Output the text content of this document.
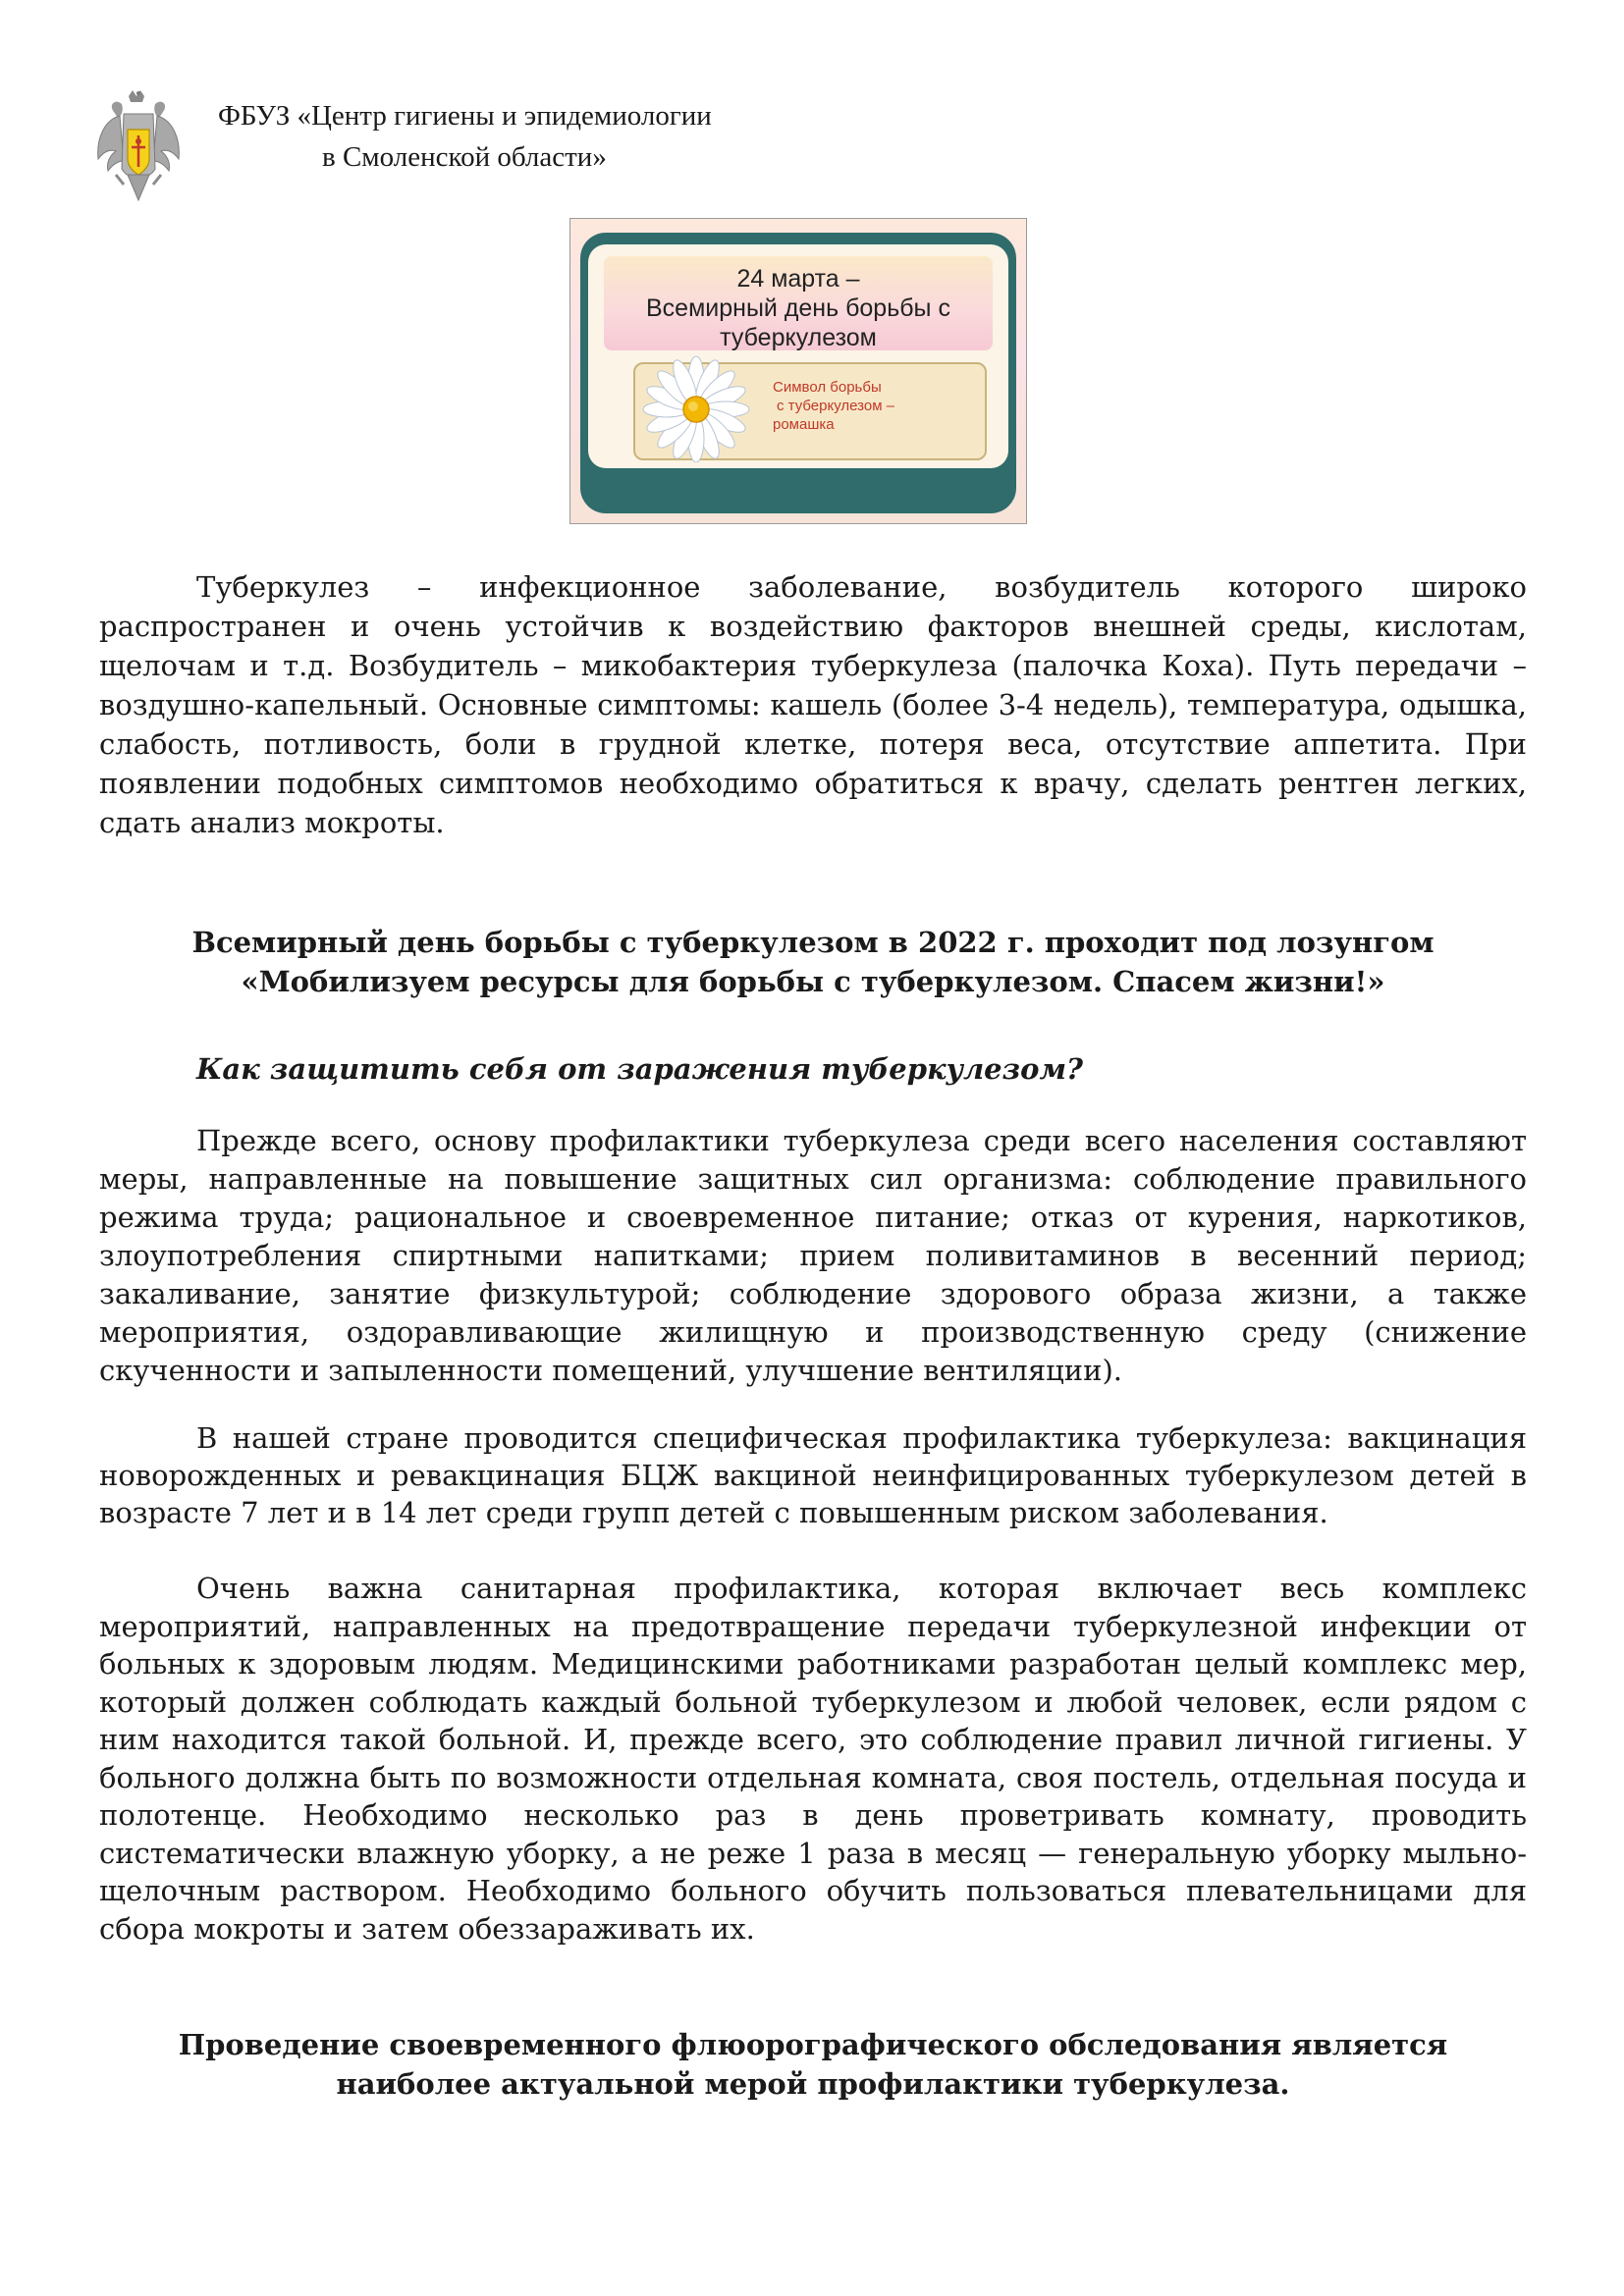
ФБУЗ «Центр гигиены и эпидемиологии
в Смоленской области»
24 марта –
Всемирный день борьбы с
туберкулезом
Символ борьбы
с туберкулезом –
ромашка
Туберкулез – инфекционное заболевание, возбудитель которого широко распространен и очень устойчив к воздействию факторов внешней среды, кислотам, щелочам и т.д. Возбудитель – микобактерия туберкулеза (палочка Коха). Путь передачи – воздушно-капельный. Основные симптомы: кашель (более 3-4 недель), температура, одышка, слабость, потливость, боли в грудной клетке, потеря веса, отсутствие аппетита. При появлении подобных симптомов необходимо обратиться к врачу, сделать рентген легких, сдать анализ мокроты.
Всемирный день борьбы с туберкулезом в 2022 г. проходит под лозунгом
«Мобилизуем ресурсы для борьбы с туберкулезом. Спасем жизни!»
Как защитить себя от заражения туберкулезом?
Прежде всего, основу профилактики туберкулеза среди всего населения составляют меры, направленные на повышение защитных сил организма: соблюдение правильного режима труда; рациональное и своевременное питание; отказ от курения, наркотиков, злоупотребления спиртными напитками; прием поливитаминов в весенний период; закаливание, занятие физкультурой; соблюдение здорового образа жизни, а также мероприятия, оздоравливающие жилищную и производственную среду (снижение скученности и запыленности помещений, улучшение вентиляции).
В нашей стране проводится специфическая профилактика туберкулеза: вакцинация новорожденных и ревакцинация БЦЖ вакциной неинфицированных туберкулезом детей в возрасте 7 лет и в 14 лет среди групп детей с повышенным риском заболевания.
Очень важна санитарная профилактика, которая включает весь комплекс мероприятий, направленных на предотвращение передачи туберкулезной инфекции от больных к здоровым людям. Медицинскими работниками разработан целый комплекс мер, который должен соблюдать каждый больной туберкулезом и любой человек, если рядом с ним находится такой больной. И, прежде всего, это соблюдение правил личной гигиены. У больного должна быть по возможности отдельная комната, своя постель, отдельная посуда и полотенце. Необходимо несколько раз в день проветривать комнату, проводить систематически влажную уборку, а не реже 1 раза в месяц — генеральную уборку мыльно-щелочным раствором. Необходимо больного обучить пользоваться плевательницами для сбора мокроты и затем обеззараживать их.
Проведение своевременного флюорографического обследования является
наиболее актуальной мерой профилактики туберкулеза.
